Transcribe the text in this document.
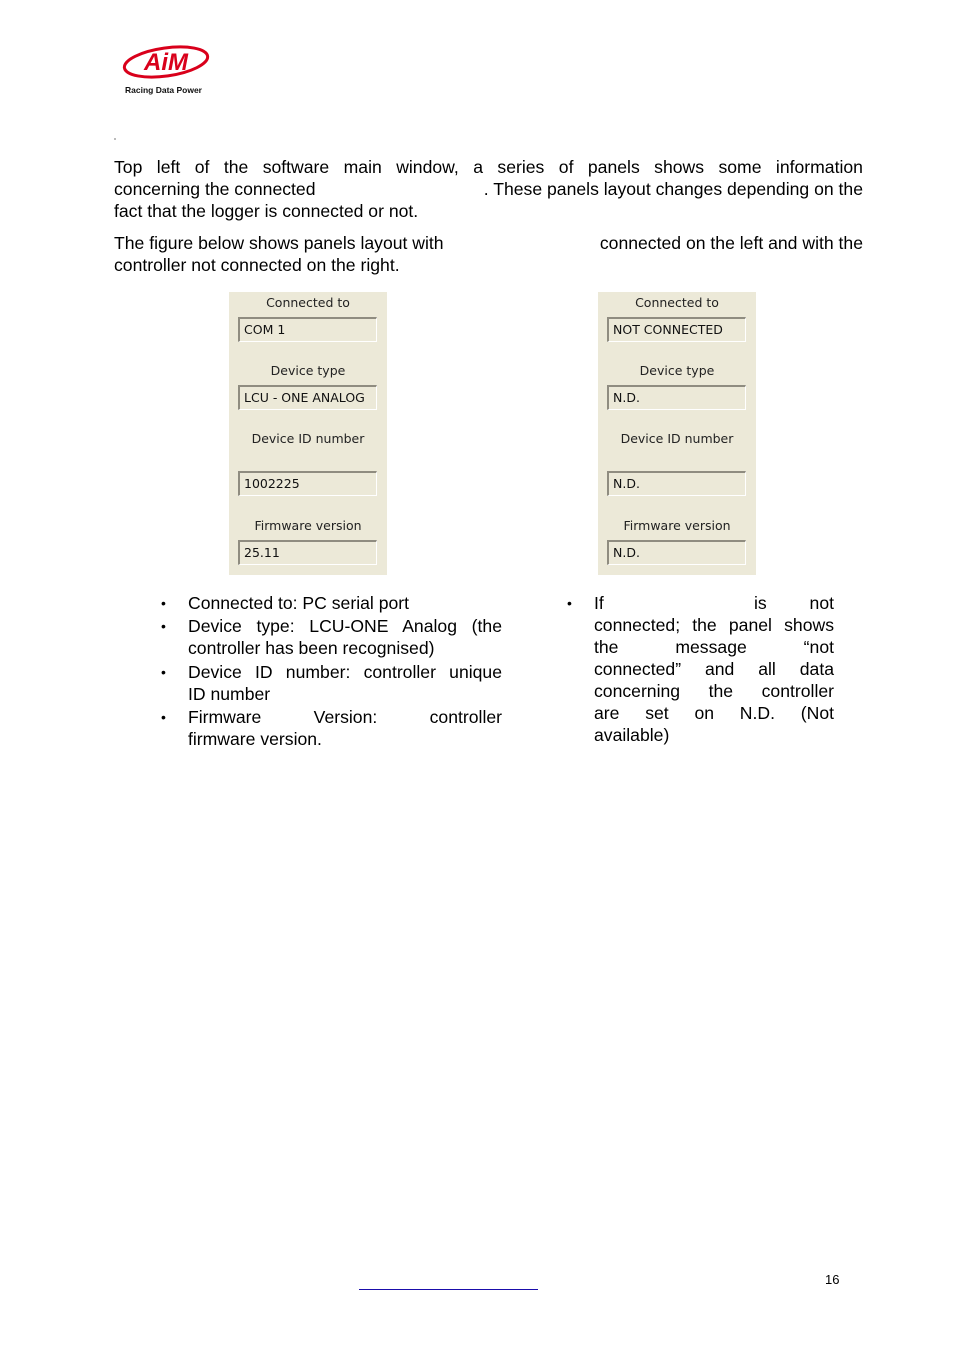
AiM
Racing Data Power
Top left of the software main window, a series of panels shows some information
concerning the connected	. These panels layout changes depending on the
fact that the logger is connected or not.
The figure below shows panels layout with	connected on the left and with the
controller not connected on the right.
Connected to
COM 1
Device type
LCU - ONE ANALOG
Device ID number
1002225
Firmware version
25.11
Connected to
NOT CONNECTED
Device type
N.D.
Device ID number
N.D.
Firmware version
N.D.
• Connected to: PC serial port
• Device type: LCU-ONE Analog (the
controller has been recognised)
• Device ID number: controller unique
ID number
• Firmware Version: controller
firmware version.
• If	is not
connected; the panel shows
the message “not
connected” and all data
concerning the controller
are set on N.D. (Not
available)
16
